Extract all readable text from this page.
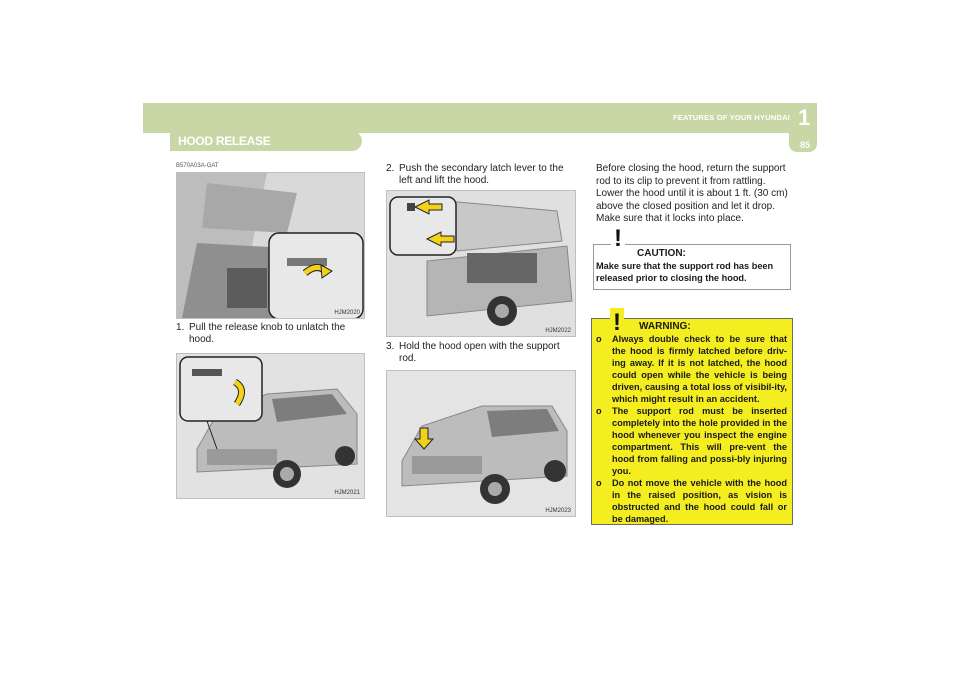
FEATURES OF YOUR HYUNDAI 1
85
HOOD RELEASE
B570A03A-GAT
HJM2020
1. Pull the release knob to unlatch the
hood.
HJM2021
2. Push the secondary latch lever to the
left and lift the hood.
HJM2022
3. Hold the hood open with the support
rod.
HJM2023
Before closing the hood, return the support
rod to its clip to prevent it from rattling.
Lower the hood until it is about 1 ft. (30 cm)
above the closed position and let it drop.
Make sure that it locks into place.
!
CAUTION:
Make sure that the support rod has been released prior to closing the hood.
! WARNING:
o Always double check to be sure that the hood is firmly latched before driv-ing away. If it is not latched, the hood could open while the vehicle is being driven, causing a total loss of visibil-ity, which might result in an accident.
o The support rod must be inserted completely into the hole provided in the hood whenever you inspect the engine compartment. This will pre-vent the hood from falling and possi-bly injuring you.
o Do not move the vehicle with the hood in the raised position, as vision is obstructed and the hood could fall or be damaged.
